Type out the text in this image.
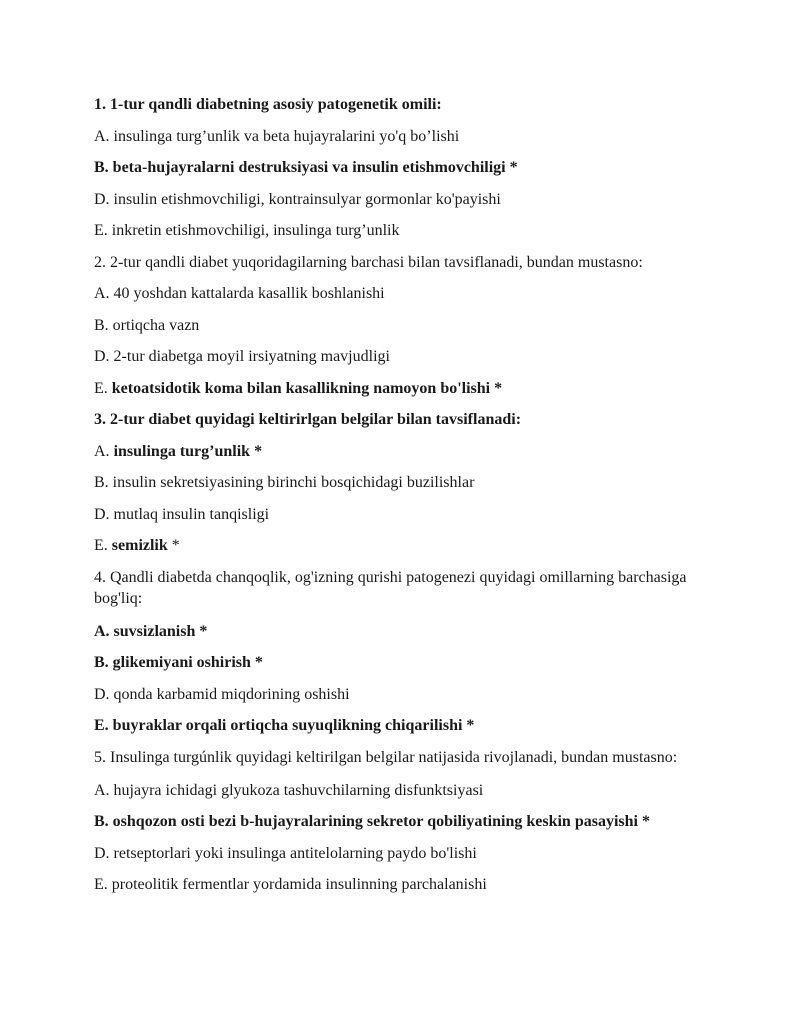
1. 1-tur qandli diabetning asosiy patogenetik omili:

A. insulinga turg’unlik va beta hujayralarini yo'q bo’lishi

B. beta-hujayralarni destruksiyasi va insulin etishmovchiligi *

D. insulin etishmovchiligi, kontrainsulyar gormonlar ko'payishi

E. inkretin etishmovchiligi, insulinga turg’unlik

2. 2-tur qandli diabet yuqoridagilarning barchasi bilan tavsiflanadi, bundan mustasno:

A. 40 yoshdan kattalarda kasallik boshlanishi

B. ortiqcha vazn

D. 2-tur diabetga moyil irsiyatning mavjudligi

E. ketoatsidotik koma bilan kasallikning namoyon bo'lishi *

3. 2-tur diabet quyidagi keltirirlgan belgilar bilan tavsiflanadi:

A. insulinga turg’unlik *

B. insulin sekretsiyasining birinchi bosqichidagi buzilishlar

D. mutlaq insulin tanqisligi

E. semizlik *

4. Qandli diabetda chanqoqlik, og'izning qurishi patogenezi quyidagi omillarning barchasiga bog'liq:

A. suvsizlanish *

B. glikemiyani oshirish *

D. qonda karbamid miqdorining oshishi

E. buyraklar orqali ortiqcha suyuqlikning chiqarilishi *

5. Insulinga turgúnlik quyidagi keltirilgan belgilar natijasida rivojlanadi, bundan mustasno:

A. hujayra ichidagi glyukoza tashuvchilarning disfunktsiyasi

B. oshqozon osti bezi b-hujayralarining sekretor qobiliyatining keskin pasayishi *

D. retseptorlari yoki insulinga antitelolarning paydo bo'lishi

E. proteolitik fermentlar yordamida insulinning parchalanishi
